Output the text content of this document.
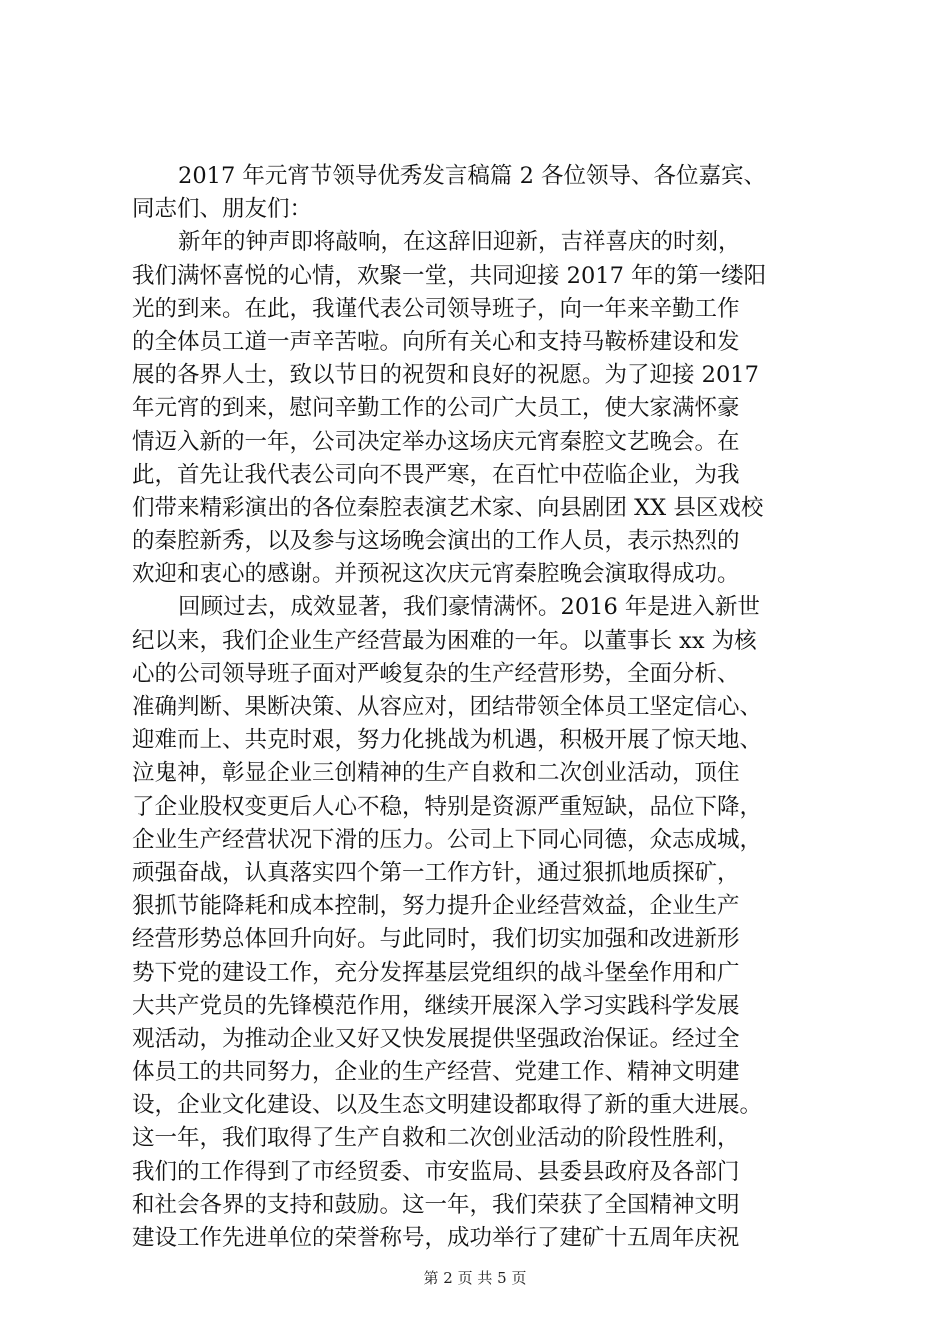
2017 年元宵节领导优秀发言稿篇 2 各位领导、各位嘉宾、
同志们、朋友们：
新年的钟声即将敲响，在这辞旧迎新，吉祥喜庆的时刻，
我们满怀喜悦的心情，欢聚一堂，共同迎接 2017 年的第一缕阳
光的到来。在此，我谨代表公司领导班子，向一年来辛勤工作
的全体员工道一声辛苦啦。向所有关心和支持马鞍桥建设和发
展的各界人士，致以节日的祝贺和良好的祝愿。为了迎接 2017
年元宵的到来，慰问辛勤工作的公司广大员工，使大家满怀豪
情迈入新的一年，公司决定举办这场庆元宵秦腔文艺晚会。在
此，首先让我代表公司向不畏严寒，在百忙中莅临企业，为我
们带来精彩演出的各位秦腔表演艺术家、向县剧团 XX 县区戏校
的秦腔新秀，以及参与这场晚会演出的工作人员，表示热烈的
欢迎和衷心的感谢。并预祝这次庆元宵秦腔晚会演取得成功。
回顾过去，成效显著，我们豪情满怀。2016 年是进入新世
纪以来，我们企业生产经营最为困难的一年。以董事长 xx 为核
心的公司领导班子面对严峻复杂的生产经营形势，全面分析、
准确判断、果断决策、从容应对，团结带领全体员工坚定信心、
迎难而上、共克时艰，努力化挑战为机遇，积极开展了惊天地、
泣鬼神，彰显企业三创精神的生产自救和二次创业活动，顶住
了企业股权变更后人心不稳，特别是资源严重短缺，品位下降，
企业生产经营状况下滑的压力。公司上下同心同德，众志成城，
顽强奋战，认真落实四个第一工作方针，通过狠抓地质探矿，
狠抓节能降耗和成本控制，努力提升企业经营效益，企业生产
经营形势总体回升向好。与此同时，我们切实加强和改进新形
势下党的建设工作，充分发挥基层党组织的战斗堡垒作用和广
大共产党员的先锋模范作用，继续开展深入学习实践科学发展
观活动，为推动企业又好又快发展提供坚强政治保证。经过全
体员工的共同努力，企业的生产经营、党建工作、精神文明建
设，企业文化建设、以及生态文明建设都取得了新的重大进展。
这一年，我们取得了生产自救和二次创业活动的阶段性胜利，
我们的工作得到了市经贸委、市安监局、县委县政府及各部门
和社会各界的支持和鼓励。这一年，我们荣获了全国精神文明
建设工作先进单位的荣誉称号，成功举行了建矿十五周年庆祝
第 2 页 共 5 页
